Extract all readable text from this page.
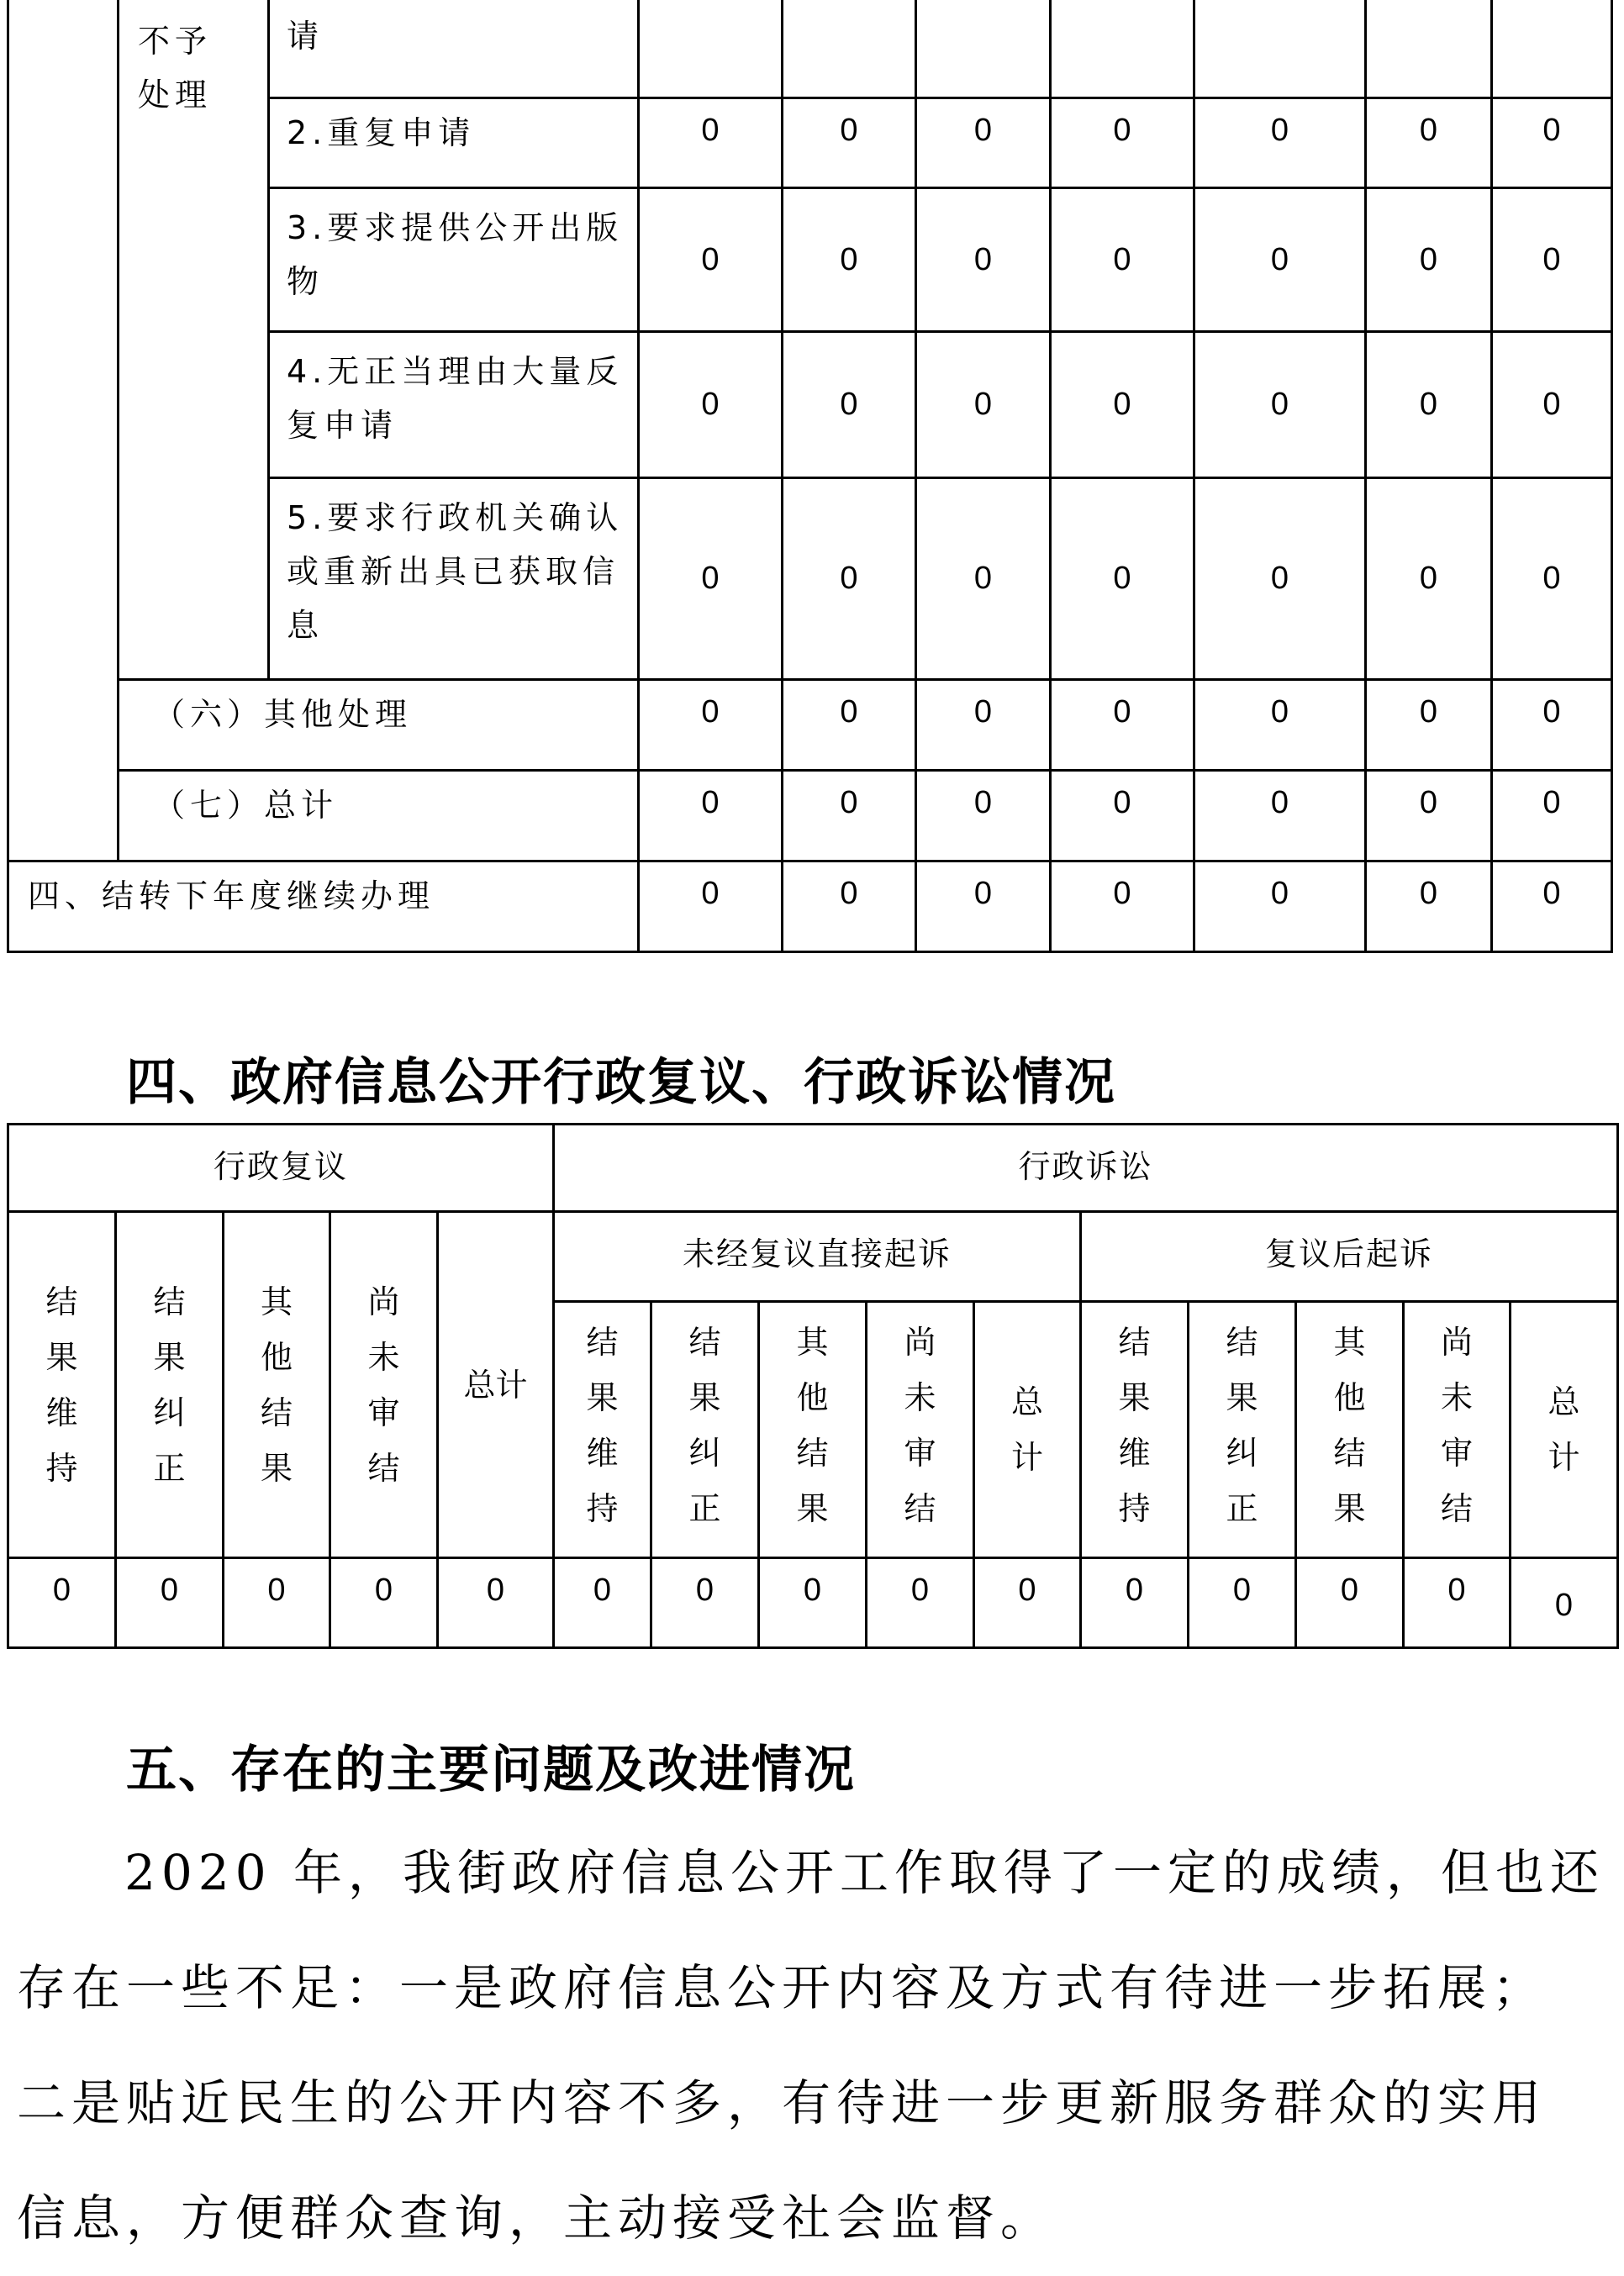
	不予处理	请							
		2.重复申请	0	0	0	0	0	0	0
		3.要求提供公开出版物	0	0	0	0	0	0	0
		4.无正当理由大量反复申请	0	0	0	0	0	0	0
		5.要求行政机关确认或重新出具已获取信息	0	0	0	0	0	0	0
	（六）其他处理		0	0	0	0	0	0	0
	（七）总计		0	0	0	0	0	0	0
四、结转下年度继续办理			0	0	0	0	0	0	0
四、政府信息公开行政复议、行政诉讼情况
行政复议					行政诉讼									

结果维持	结果纠正	其他结果	尚未审结	总计	未经复议直接起诉					复议后起诉				

					结果维持	结果纠正	其他结果	尚未审结	总计	结果维持	结果纠正	其他结果	尚未审结	总计

0	0	0	0	0	0	0	0	0	0	0	0	0	0	0
五、存在的主要问题及改进情况
2020 年，我街政府信息公开工作取得了一定的成绩，但也还
存在一些不足：一是政府信息公开内容及方式有待进一步拓展；
二是贴近民生的公开内容不多，有待进一步更新服务群众的实用
信息，方便群众查询，主动接受社会监督。
